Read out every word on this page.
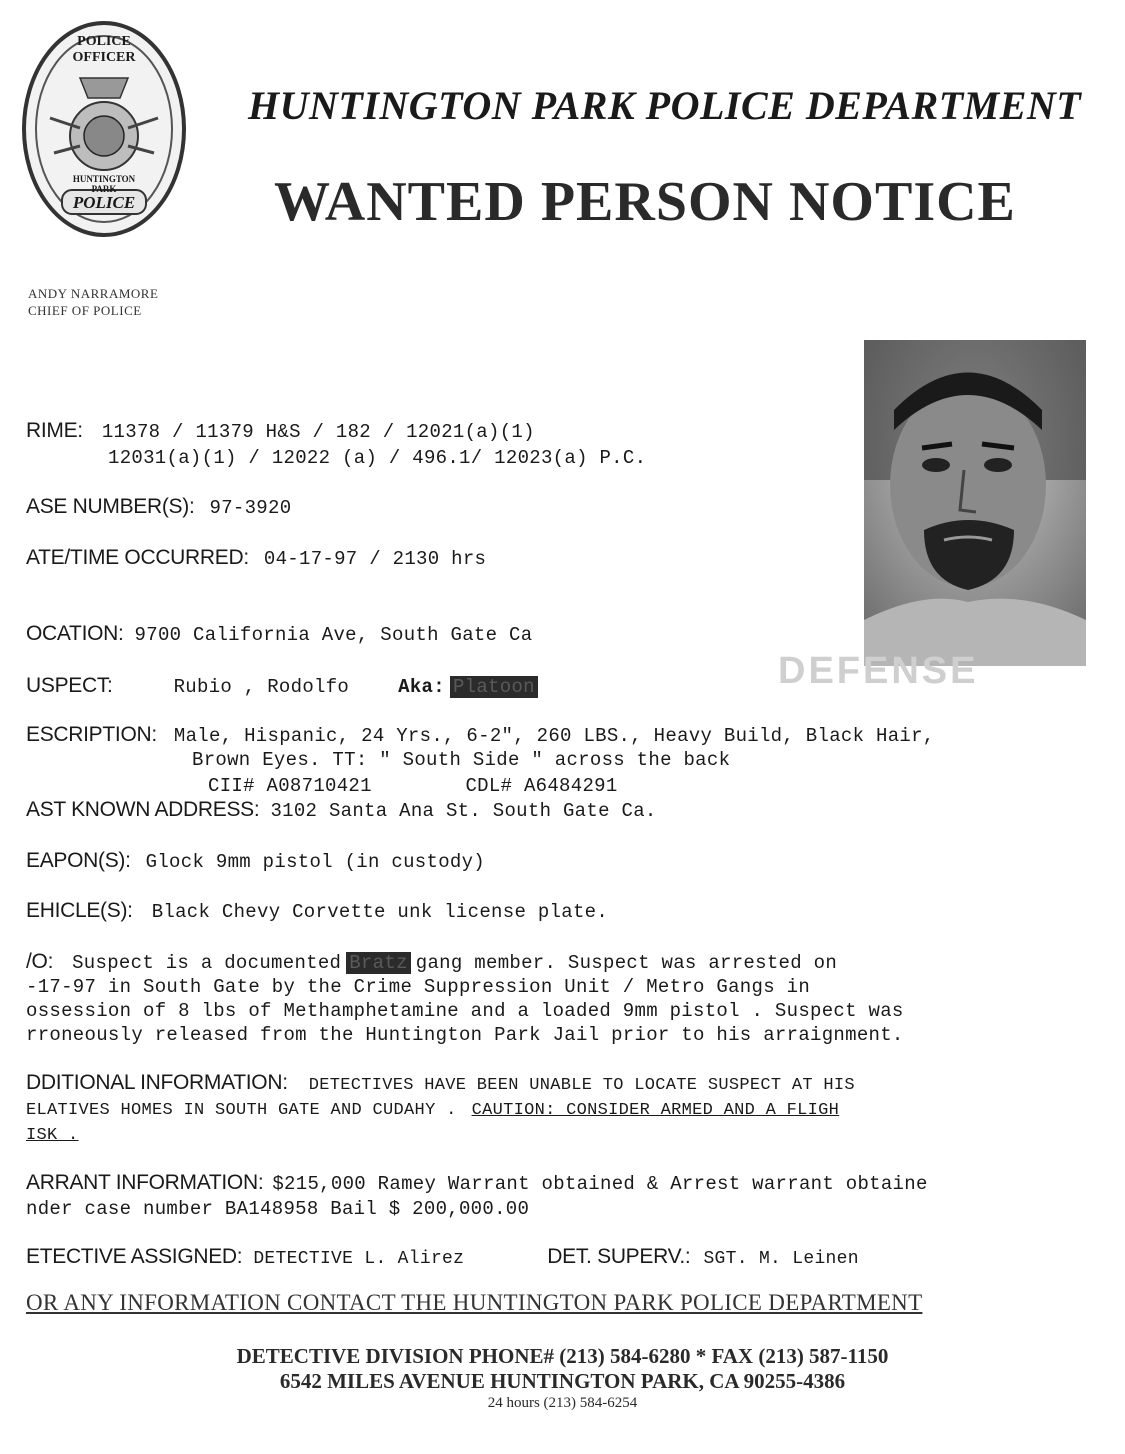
POLICE OFFICER
HUNTINGTON PARK
POLICE
HUNTINGTON PARK POLICE DEPARTMENT
WANTED PERSON NOTICE
ANDY NARRAMORE
CHIEF OF POLICE
DEFENSE
RIME: 11378 / 11379 H&S / 182 / 12021(a)(1)
12031(a)(1) / 12022 (a) / 496.1/ 12023(a) P.C.
ASE NUMBER(S): 97-3920
ATE/TIME OCCURRED: 04-17-97 / 2130 hrs
OCATION: 9700 California Ave, South Gate Ca
USPECT:	Rubio , Rodolfo	Aka: Platoon
ESCRIPTION: Male, Hispanic, 24 Yrs., 6-2", 260 LBS., Heavy Build, Black Hair,
Brown Eyes. TT: " South Side " across the back
CII# A08710421        CDL# A6484291
AST KNOWN ADDRESS: 3102 Santa Ana St. South Gate Ca.
EAPON(S): Glock 9mm pistol (in custody)
EHICLE(S): Black Chevy Corvette unk license plate.
/O: Suspect is a documented Bratz gang member. Suspect was arrested on
-17-97 in South Gate by the Crime Suppression Unit / Metro Gangs in
ossession of 8 lbs of Methamphetamine and a loaded 9mm pistol . Suspect was
rroneously released from the Huntington Park Jail prior to his arraignment.
DDITIONAL INFORMATION: DETECTIVES HAVE BEEN UNABLE TO LOCATE SUSPECT AT HIS
ELATIVES HOMES IN SOUTH GATE AND CUDAHY . CAUTION: CONSIDER ARMED AND A FLIGH
ISK .
ARRANT INFORMATION: $215,000 Ramey Warrant obtained & Arrest warrant obtaine
nder case number BA148958 Bail $ 200,000.00
ETECTIVE ASSIGNED: DETECTIVE L. Alirez	DET. SUPERV.: SGT. M. Leinen
OR ANY INFORMATION CONTACT THE HUNTINGTON PARK POLICE DEPARTMENT
DETECTIVE DIVISION PHONE# (213) 584-6280 * FAX (213) 587-1150
6542 MILES AVENUE HUNTINGTON PARK, CA 90255-4386
24 hours (213) 584-6254
